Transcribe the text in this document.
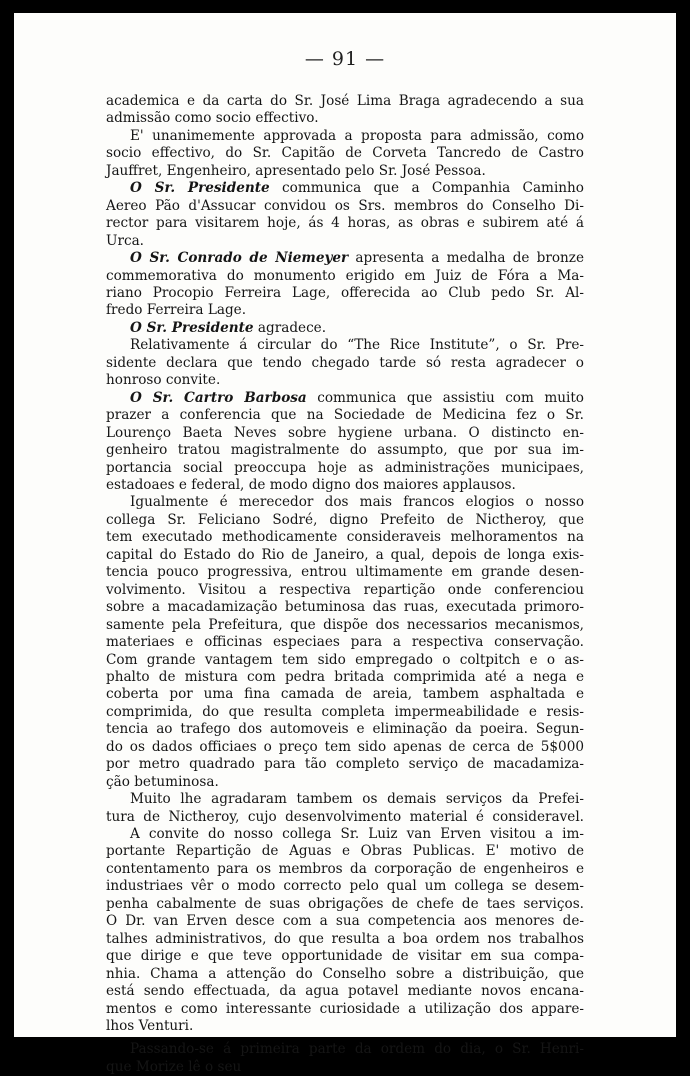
— 91 —

academica e da carta do Sr. José Lima Braga agradecendo a sua
admissão como socio effectivo.
E' unanimemente approvada a proposta para admissão, como
socio effectivo, do Sr. Capitão de Corveta Tancredo de Castro
Jauffret, Engenheiro, apresentado pelo Sr. José Pessoa.
O Sr. Presidente communica que a Companhia Caminho
Aereo Pão d'Assucar convidou os Srs. membros do Conselho Di-
rector para visitarem hoje, ás 4 horas, as obras e subirem até á
Urca.
O Sr. Conrado de Niemeyer apresenta a medalha de bronze
commemorativa do monumento erigido em Juiz de Fóra a Ma-
riano Procopio Ferreira Lage, offerecida ao Club pedo Sr. Al-
fredo Ferreira Lage.
O Sr. Presidente agradece.
Relativamente á circular do “The Rice Institute”, o Sr. Pre-
sidente declara que tendo chegado tarde só resta agradecer o
honroso convite.
O Sr. Cartro Barbosa communica que assistiu com muito
prazer a conferencia que na Sociedade de Medicina fez o Sr.
Lourenço Baeta Neves sobre hygiene urbana. O distincto en-
genheiro tratou magistralmente do assumpto, que por sua im-
portancia social preoccupa hoje as administrações municipaes,
estadoaes e federal, de modo digno dos maiores applausos.
Igualmente é merecedor dos mais francos elogios o nosso
collega Sr. Feliciano Sodré, digno Prefeito de Nictheroy, que
tem executado methodicamente consideraveis melhoramentos na
capital do Estado do Rio de Janeiro, a qual, depois de longa exis-
tencia pouco progressiva, entrou ultimamente em grande desen-
volvimento. Visitou a respectiva repartição onde conferenciou
sobre a macadamização betuminosa das ruas, executada primoro-
samente pela Prefeitura, que dispõe dos necessarios mecanismos,
materiaes e officinas especiaes para a respectiva conservação.
Com grande vantagem tem sido empregado o coltpitch e o as-
phalto de mistura com pedra britada comprimida até a nega e
coberta por uma fina camada de areia, tambem asphaltada e
comprimida, do que resulta completa impermeabilidade e resis-
tencia ao trafego dos automoveis e eliminação da poeira. Segun-
do os dados officiaes o preço tem sido apenas de cerca de 5$000
por metro quadrado para tão completo serviço de macadamiza-
ção betuminosa.
Muito lhe agradaram tambem os demais serviços da Prefei-
tura de Nictheroy, cujo desenvolvimento material é consideravel.
A convite do nosso collega Sr. Luiz van Erven visitou a im-
portante Repartição de Aguas e Obras Publicas. E' motivo de
contentamento para os membros da corporação de engenheiros e
industriaes vêr o modo correcto pelo qual um collega se desem-
penha cabalmente de suas obrigações de chefe de taes serviços.
O Dr. van Erven desce com a sua competencia aos menores de-
talhes administrativos, do que resulta a boa ordem nos trabalhos
que dirige e que teve opportunidade de visitar em sua compa-
nhia. Chama a attenção do Conselho sobre a distribuição, que
está sendo effectuada, da agua potavel mediante novos encana-
mentos e como interessante curiosidade a utilização dos appare-
lhos Venturi.
Passando-se á primeira parte da ordem do dia, o Sr. Henri-
que Morize lê o seu
